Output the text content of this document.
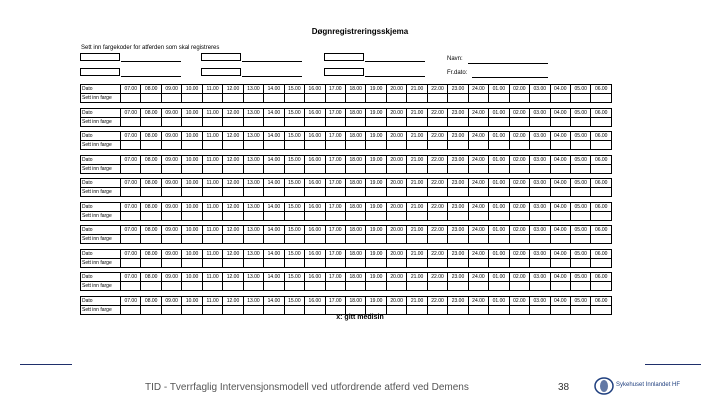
Døgnregistreringsskjema
Sett inn fargekoder for atferden som skal registreres
Navn:
Fr.dato:
Dato	07.00	08.00	09.00	10.00	11.00	12.00	13.00	14.00	15.00	16.00	17.00	18.00	19.00	20.00	21.00	22.00	23.00	24.00	01.00	02.00	03.00	04.00	05.00	06.00
Sett inn farge																								
Dato	07.00	08.00	09.00	10.00	11.00	12.00	13.00	14.00	15.00	16.00	17.00	18.00	19.00	20.00	21.00	22.00	23.00	24.00	01.00	02.00	03.00	04.00	05.00	06.00
Sett inn farge																								
Dato	07.00	08.00	09.00	10.00	11.00	12.00	13.00	14.00	15.00	16.00	17.00	18.00	19.00	20.00	21.00	22.00	23.00	24.00	01.00	02.00	03.00	04.00	05.00	06.00
Sett inn farge																								
Dato	07.00	08.00	09.00	10.00	11.00	12.00	13.00	14.00	15.00	16.00	17.00	18.00	19.00	20.00	21.00	22.00	23.00	24.00	01.00	02.00	03.00	04.00	05.00	06.00
Sett inn farge																								
Dato	07.00	08.00	09.00	10.00	11.00	12.00	13.00	14.00	15.00	16.00	17.00	18.00	19.00	20.00	21.00	22.00	23.00	24.00	01.00	02.00	03.00	04.00	05.00	06.00
Sett inn farge																								
Dato	07.00	08.00	09.00	10.00	11.00	12.00	13.00	14.00	15.00	16.00	17.00	18.00	19.00	20.00	21.00	22.00	23.00	24.00	01.00	02.00	03.00	04.00	05.00	06.00
Sett inn farge																								
Dato	07.00	08.00	09.00	10.00	11.00	12.00	13.00	14.00	15.00	16.00	17.00	18.00	19.00	20.00	21.00	22.00	23.00	24.00	01.00	02.00	03.00	04.00	05.00	06.00
Sett inn farge																								
Dato	07.00	08.00	09.00	10.00	11.00	12.00	13.00	14.00	15.00	16.00	17.00	18.00	19.00	20.00	21.00	22.00	23.00	24.00	01.00	02.00	03.00	04.00	05.00	06.00
Sett inn farge																								
Dato	07.00	08.00	09.00	10.00	11.00	12.00	13.00	14.00	15.00	16.00	17.00	18.00	19.00	20.00	21.00	22.00	23.00	24.00	01.00	02.00	03.00	04.00	05.00	06.00
Sett inn farge																								
Dato	07.00	08.00	09.00	10.00	11.00	12.00	13.00	14.00	15.00	16.00	17.00	18.00	19.00	20.00	21.00	22.00	23.00	24.00	01.00	02.00	03.00	04.00	05.00	06.00
Sett inn farge																								
x: gitt medisin
TID - Tverrfaglig Intervensjonsmodell ved utfordrende atferd ved Demens	38	Sykehuset Innlandet HF
